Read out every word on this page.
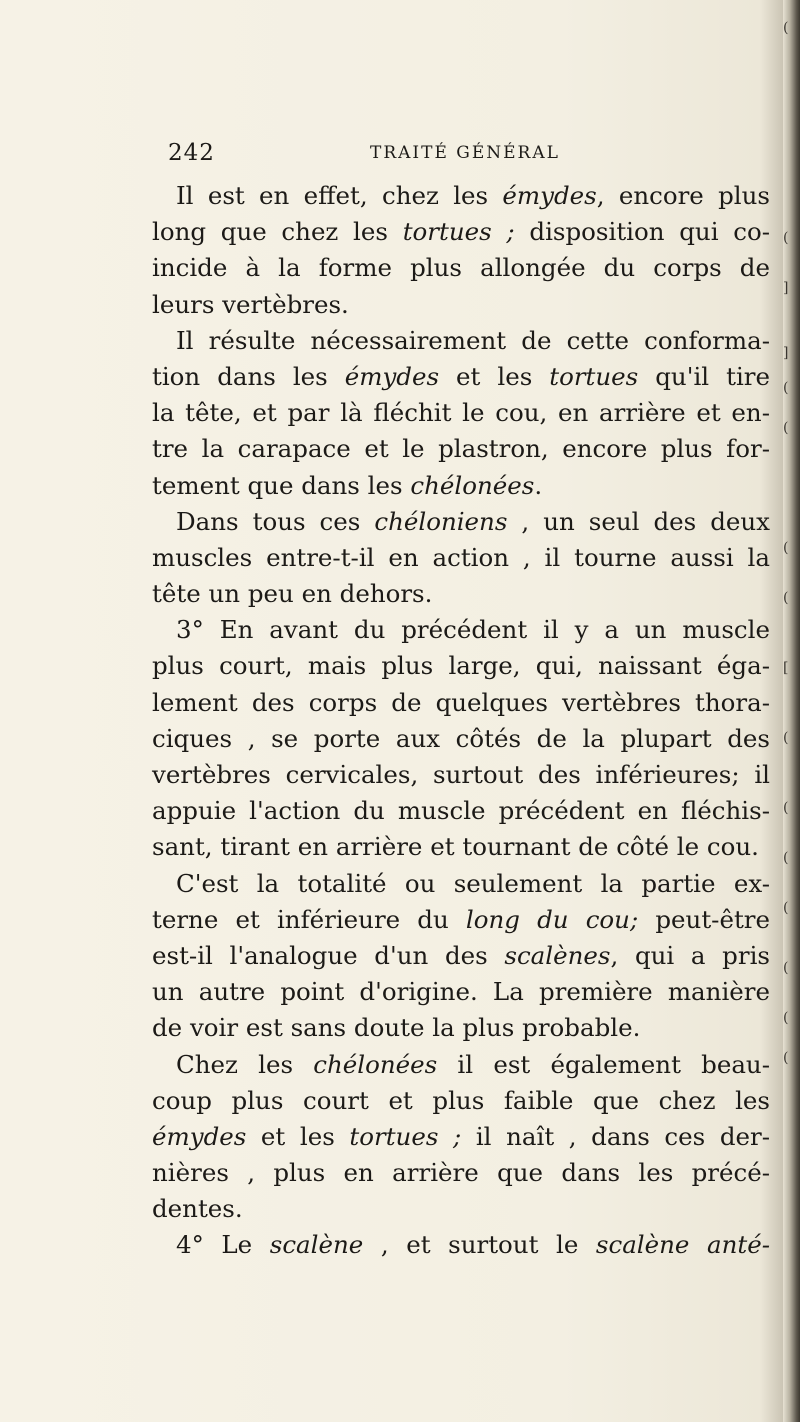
242	TRAITÉ GÉNÉRAL
Il est en effet, chez les émydes, encore plus
long que chez les tortues ; disposition qui co-
incide à la forme plus allongée du corps de
leurs vertèbres.
Il résulte nécessairement de cette conforma-
tion dans les émydes et les tortues qu'il tire
la tête, et par là fléchit le cou, en arrière et en-
tre la carapace et le plastron, encore plus for-
tement que dans les chélonées.
Dans tous ces chéloniens , un seul des deux
muscles entre-t-il en action , il tourne aussi la
tête un peu en dehors.
3° En avant du précédent il y a un muscle
plus court, mais plus large, qui, naissant éga-
lement des corps de quelques vertèbres thora-
ciques , se porte aux côtés de la plupart des
vertèbres cervicales, surtout des inférieures; il
appuie l'action du muscle précédent en fléchis-
sant, tirant en arrière et tournant de côté le cou.
C'est la totalité ou seulement la partie ex-
terne et inférieure du long du cou; peut-être
est-il l'analogue d'un des scalènes, qui a pris
un autre point d'origine. La première manière
de voir est sans doute la plus probable.
Chez les chélonées il est également beau-
coup plus court et plus faible que chez les
émydes et les tortues ; il naît , dans ces der-
nières , plus en arrière que dans les précé-
dentes.
4° Le scalène , et surtout le scalène anté-
(
(
]
]
(
(
(
(
[
(
(
(
(
(
(
(
